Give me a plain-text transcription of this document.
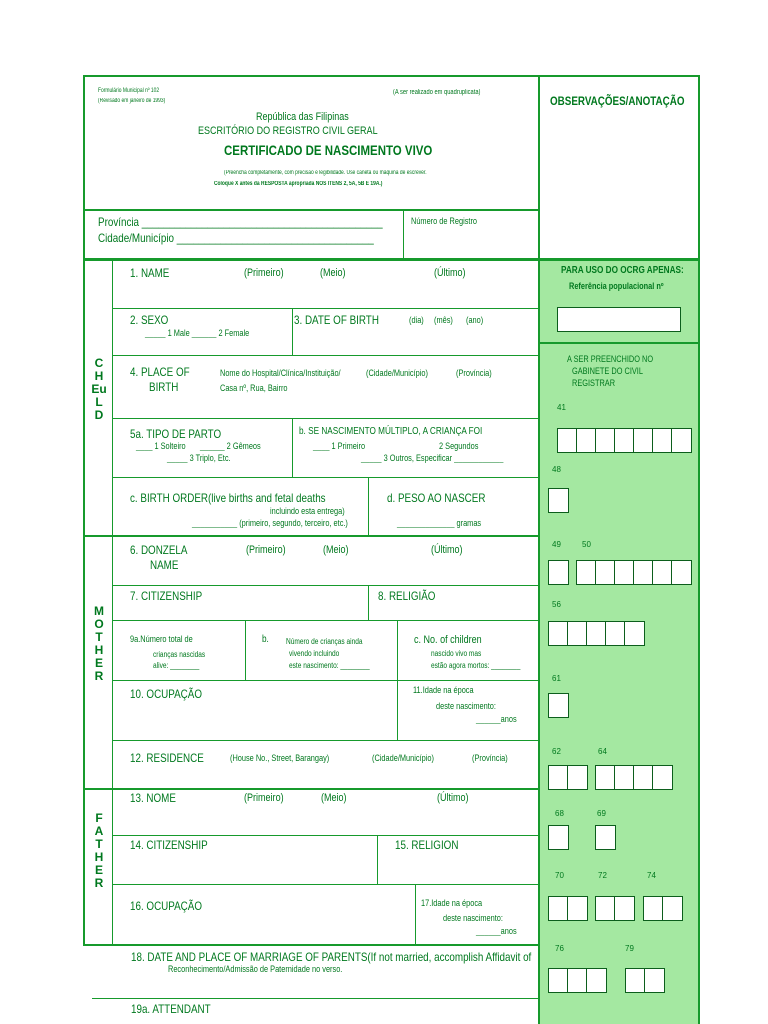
Formulário Municipal nº 102
(Revisado em janeiro de 1993)
(A ser realizado em quadruplicata)
República das Filipinas
ESCRITÓRIO DO REGISTRO CIVIL GERAL
CERTIFICADO DE NASCIMENTO VIVO
(Preencha completamente, com precisão e legibilidade. Use caneta ou máquina de escrever.
Coloque X antes da RESPOSTA apropriada NOS ITENS 2, 5A, 5B E 19A.)
OBSERVAÇÕES/ANOTAÇÃO
Província ____________________________________________
Cidade/Município ____________________________________
Número de Registro
C
H
Eu
L
D
M
O
T
H
E
R
F
A
T
H
E
R
1. NAME	(Primeiro)	(Meio)	(Último)
2. SEXO
_____ 1 Male ______ 2 Female
3. DATE OF BIRTH	(dia) (mês) (ano)
4. PLACE OF
BIRTH
Nome do Hospital/Clínica/Instituição/	(Cidade/Município)	(Província)
Casa nº, Rua, Bairro
5a. TIPO DE PARTO
____ 1 Solteiro ______ 2 Gêmeos
_____ 3 Triplo, Etc.
b. SE NASCIMENTO MÚLTIPLO, A CRIANÇA FOI
____ 1 Primeiro	2 Segundos
_____ 3 Outros, Especificar ____________
c. BIRTH ORDER(live births and fetal deaths
incluindo esta entrega)
___________ (primeiro, segundo, terceiro, etc.)
d. PESO AO NASCER
______________ gramas
6. DONZELA
NAME
(Primeiro)	(Meio)	(Último)
7. CITIZENSHIP	8. RELIGIÃO
9a.Número total de
crianças nascidas
alive: ________
b. Número de crianças ainda
vivendo incluindo
este nascimento: ________
c. No. of children
nascido vivo mas
estão agora mortos: ________
10. OCUPAÇÃO	11.Idade na época
deste nascimento:
______anos
12. RESIDENCE	(House No., Street, Barangay)	(Cidade/Município)	(Província)
13. NOME	(Primeiro)	(Meio)	(Último)
14. CITIZENSHIP	15. RELIGION
16. OCUPAÇÃO	17.Idade na época
deste nascimento:
______anos
18. DATE AND PLACE OF MARRIAGE OF PARENTS(If not married, accomplish Affidavit of
Reconhecimento/Admissão de Paternidade no verso.
19a. ATTENDANT
PARA USO DO OCRG APENAS:
Referência populacional nº
A SER PREENCHIDO NO
GABINETE DO CIVIL
REGISTRAR
41
48
49	50
56
61
62	64
68	69
70	72	74
76	79
